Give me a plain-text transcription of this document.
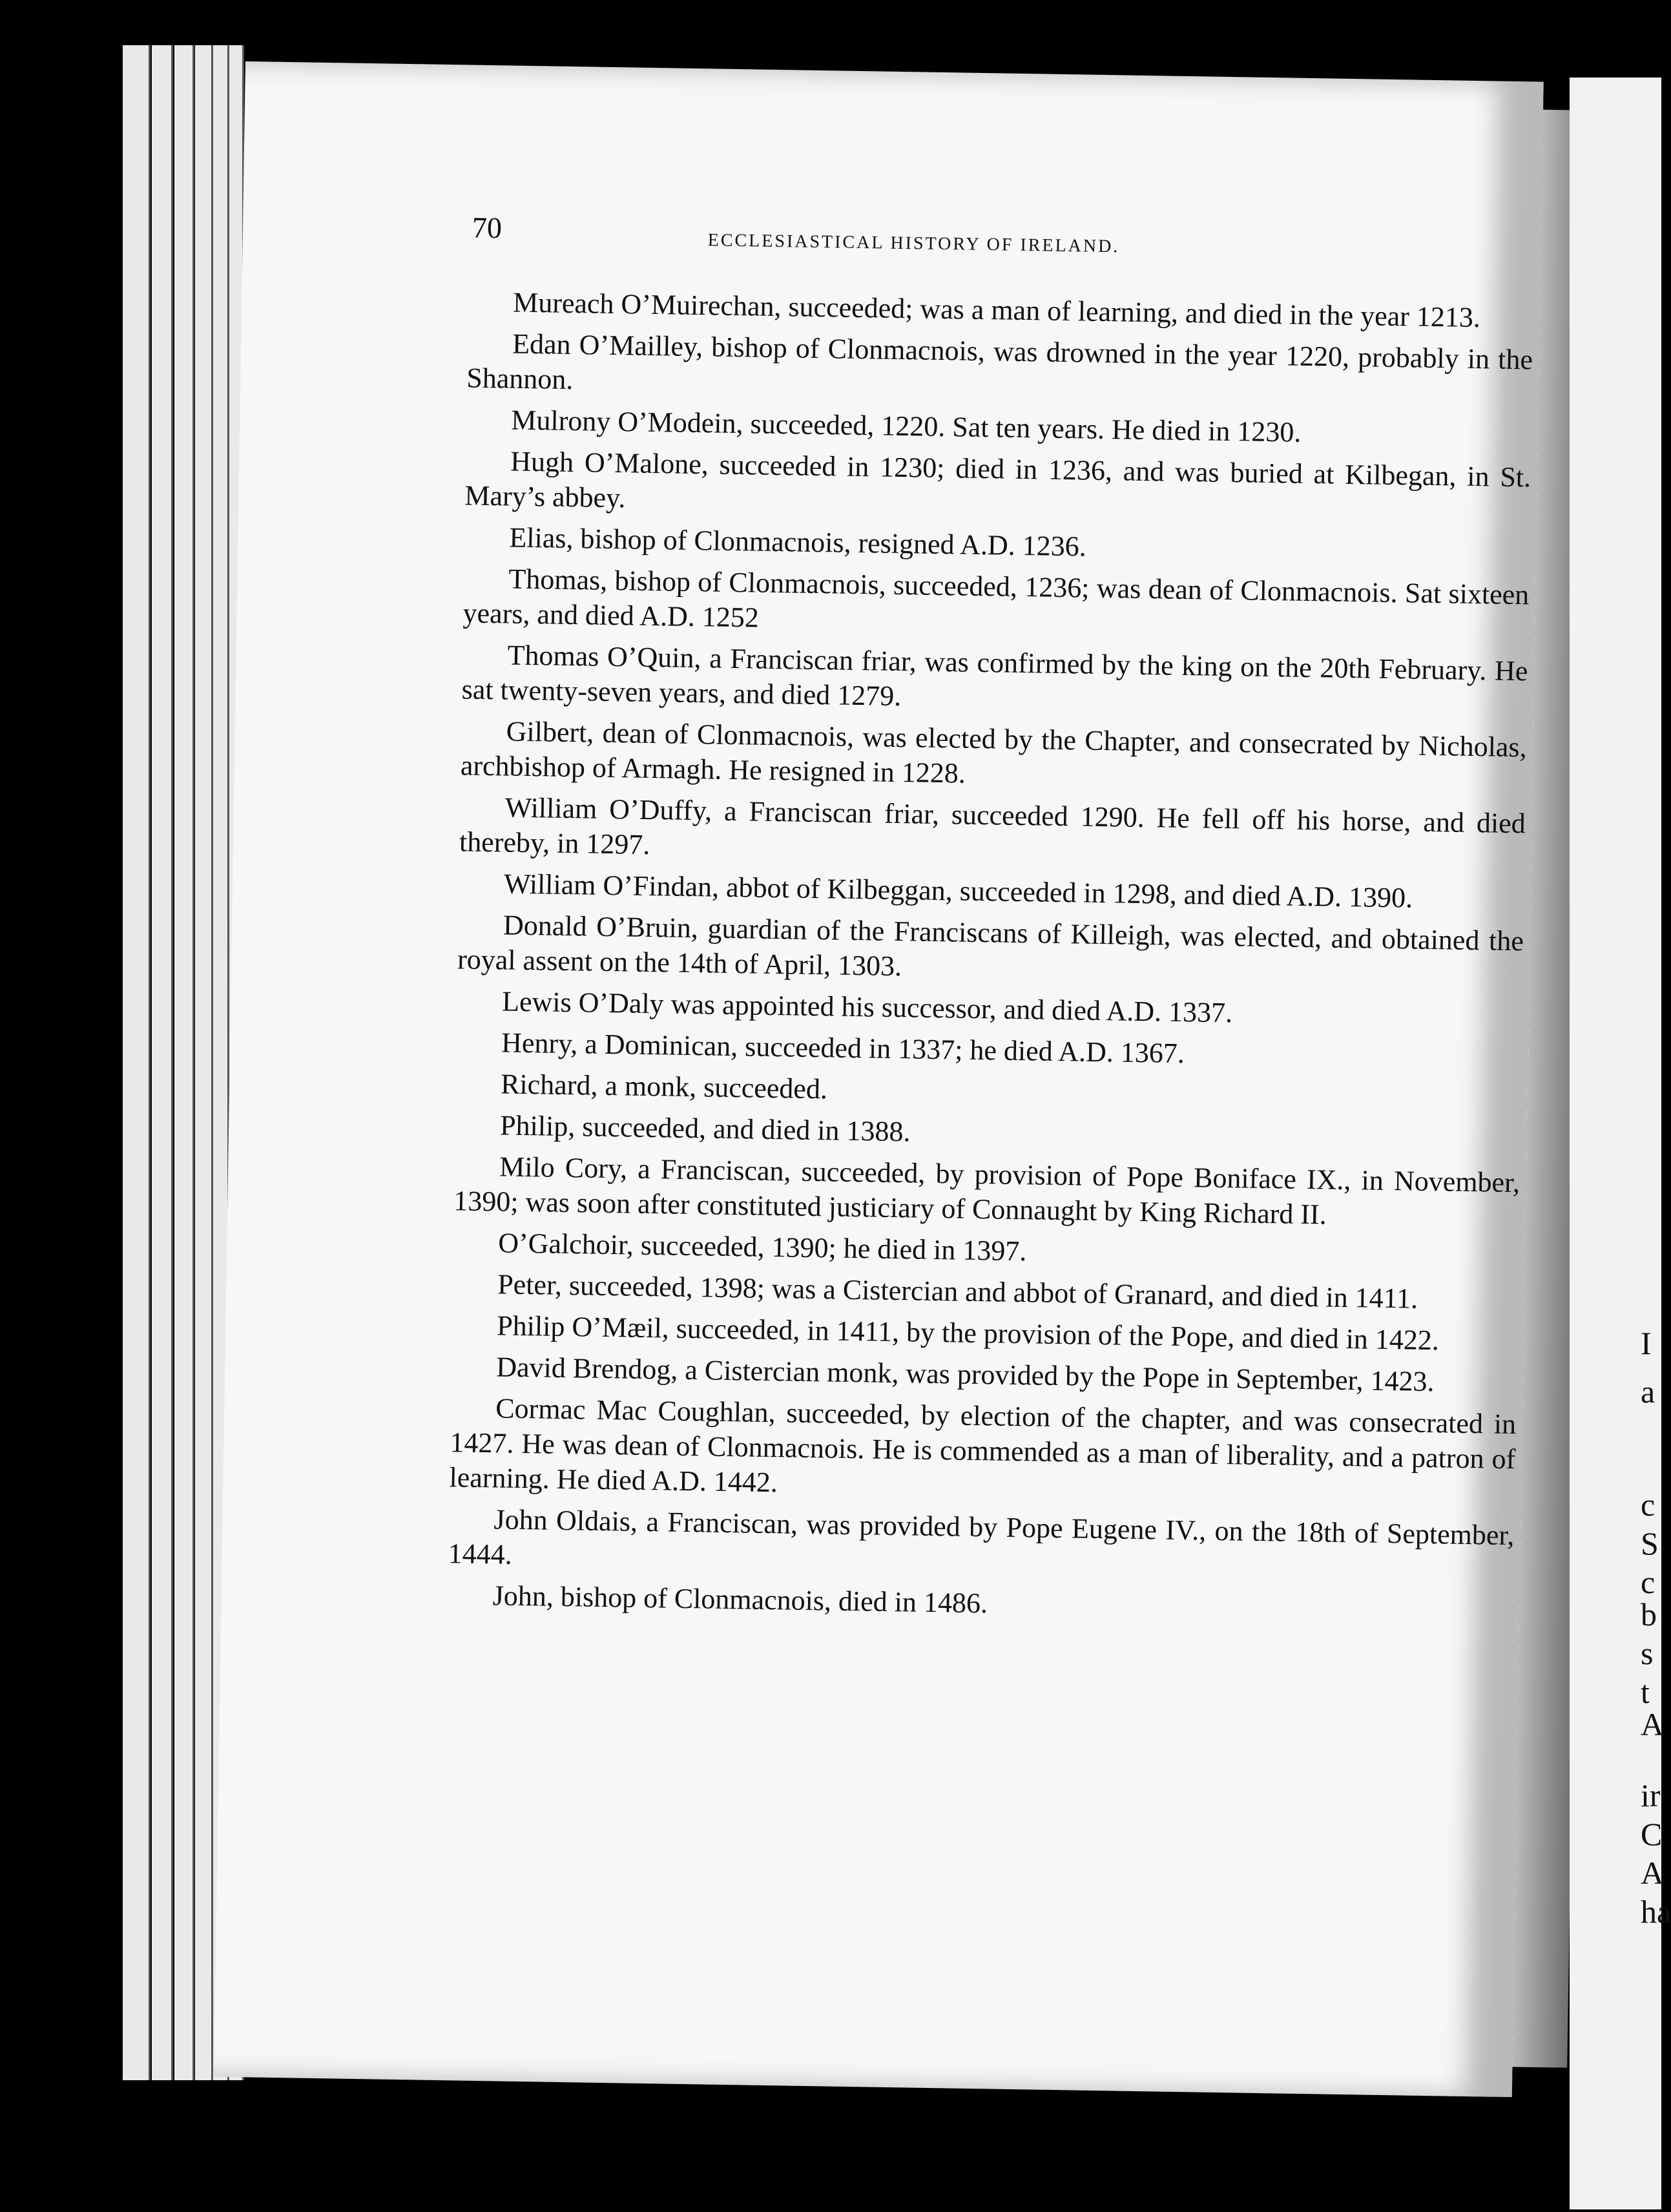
I
a
c
S
c
b
s
t
A
ir
C
A
ha
70	ECCLESIASTICAL HISTORY OF IRELAND.

Mureach O’Muirechan, succeeded; was a man of learning, and died in the year 1213.

Edan O’Mailley, bishop of Clonmacnois, was drowned in the year 1220, probably in the Shannon.

Mulrony O’Modein, succeeded, 1220. Sat ten years. He died in 1230.

Hugh O’Malone, succeeded in 1230; died in 1236, and was buried at Kilbegan, in St. Mary’s abbey.

Elias, bishop of Clonmacnois, resigned A.D. 1236.

Thomas, bishop of Clonmacnois, succeeded, 1236; was dean of Clonmacnois. Sat sixteen years, and died A.D. 1252

Thomas O’Quin, a Franciscan friar, was confirmed by the king on the 20th February. He sat twenty-seven years, and died 1279.

Gilbert, dean of Clonmacnois, was elected by the Chapter, and consecrated by Nicholas, archbishop of Armagh. He resigned in 1228.

William O’Duffy, a Franciscan friar, succeeded 1290. He fell off his horse, and died thereby, in 1297.

William O’Findan, abbot of Kilbeggan, succeeded in 1298, and died A.D. 1390.

Donald O’Bruin, guardian of the Franciscans of Killeigh, was elected, and obtained the royal assent on the 14th of April, 1303.

Lewis O’Daly was appointed his successor, and died A.D. 1337.

Henry, a Dominican, succeeded in 1337; he died A.D. 1367.

Richard, a monk, succeeded.

Philip, succeeded, and died in 1388.

Milo Cory, a Franciscan, succeeded, by provision of Pope Boniface IX., in November, 1390; was soon after constituted justiciary of Connaught by King Richard II.

O’Galchoir, succeeded, 1390; he died in 1397.

Peter, succeeded, 1398; was a Cistercian and abbot of Granard, and died in 1411.

Philip O’Mæil, succeeded, in 1411, by the provision of the Pope, and died in 1422.

David Brendog, a Cistercian monk, was provided by the Pope in September, 1423.

Cormac Mac Coughlan, succeeded, by election of the chapter, and was consecrated in 1427. He was dean of Clonmacnois. He is commended as a man of liberality, and a patron of learning. He died A.D. 1442.

John Oldais, a Franciscan, was provided by Pope Eugene IV., on the 18th of September, 1444.

John, bishop of Clonmacnois, died in 1486.
